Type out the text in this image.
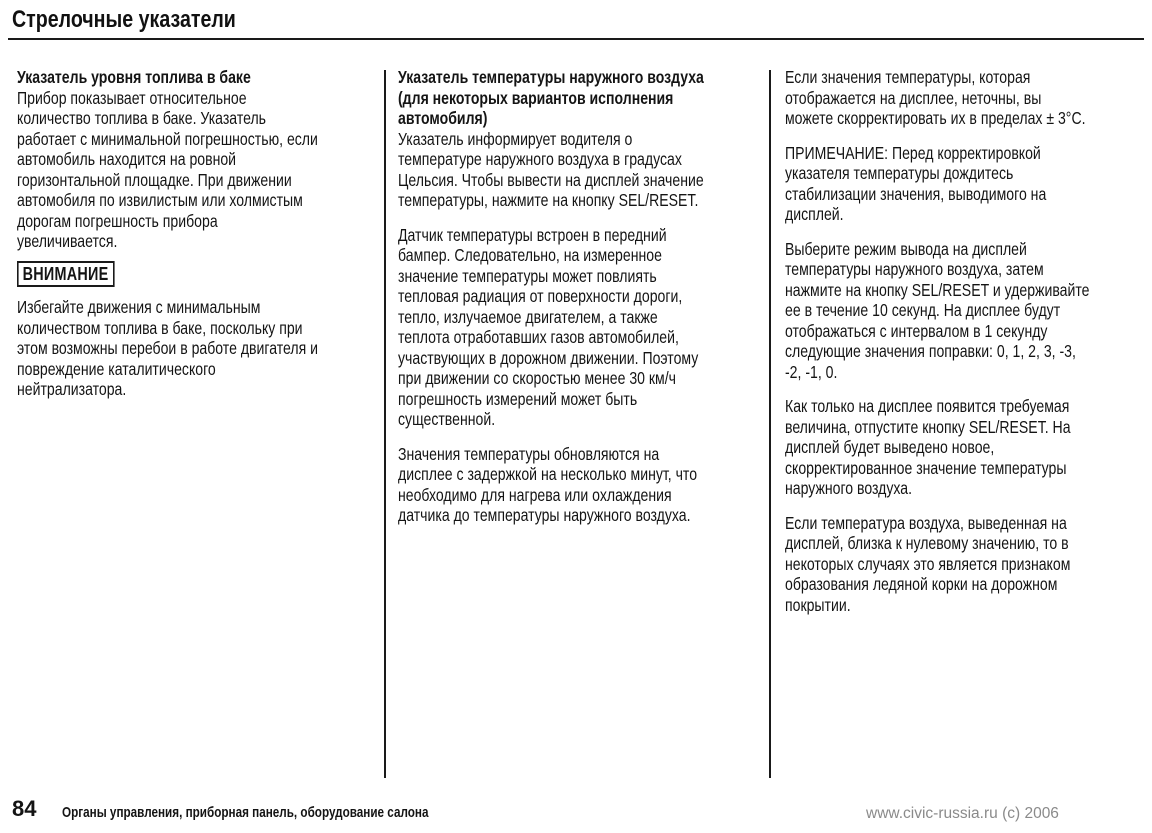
Стрелочные указатели
Указатель уровня топлива в баке
Прибор показывает относительное
количество топлива в баке. Указатель
работает с минимальной погрешностью, если
автомобиль находится на ровной
горизонтальной площадке. При движении
автомобиля по извилистым или холмистым
дорогам погрешность прибора
увеличивается.
ВНИМАНИЕ
Избегайте движения с минимальным
количеством топлива в баке, поскольку при
этом возможны перебои в работе двигателя и
повреждение каталитического
нейтрализатора.
Указатель температуры наружного воздуха
(для некоторых вариантов исполнения
автомобиля)
Указатель информирует водителя о
температуре наружного воздуха в градусах
Цельсия. Чтобы вывести на дисплей значение
температуры, нажмите на кнопку SEL/RESET.
Датчик температуры встроен в передний
бампер. Следовательно, на измеренное
значение температуры может повлиять
тепловая радиация от поверхности дороги,
тепло, излучаемое двигателем, а также
теплота отработавших газов автомобилей,
участвующих в дорожном движении. Поэтому
при движении со скоростью менее 30 км/ч
погрешность измерений может быть
существенной.
Значения температуры обновляются на
дисплее с задержкой на несколько минут, что
необходимо для нагрева или охлаждения
датчика до температуры наружного воздуха.
Если значения температуры, которая
отображается на дисплее, неточны, вы
можете скорректировать их в пределах ± 3°С.
ПРИМЕЧАНИЕ: Перед корректировкой
указателя температуры дождитесь
стабилизации значения, выводимого на
дисплей.
Выберите режим вывода на дисплей
температуры наружного воздуха, затем
нажмите на кнопку SEL/RESET и удерживайте
ее в течение 10 секунд. На дисплее будут
отображаться с интервалом в 1 секунду
следующие значения поправки: 0, 1, 2, 3, -3,
-2, -1, 0.
Как только на дисплее появится требуемая
величина, отпустите кнопку SEL/RESET. На
дисплей будет выведено новое,
скорректированное значение температуры
наружного воздуха.
Если температура воздуха, выведенная на
дисплей, близка к нулевому значению, то в
некоторых случаях это является признаком
образования ледяной корки на дорожном
покрытии.
84 Органы управления, приборная панель, оборудование салона	www.civic-russia.ru (c) 2006
